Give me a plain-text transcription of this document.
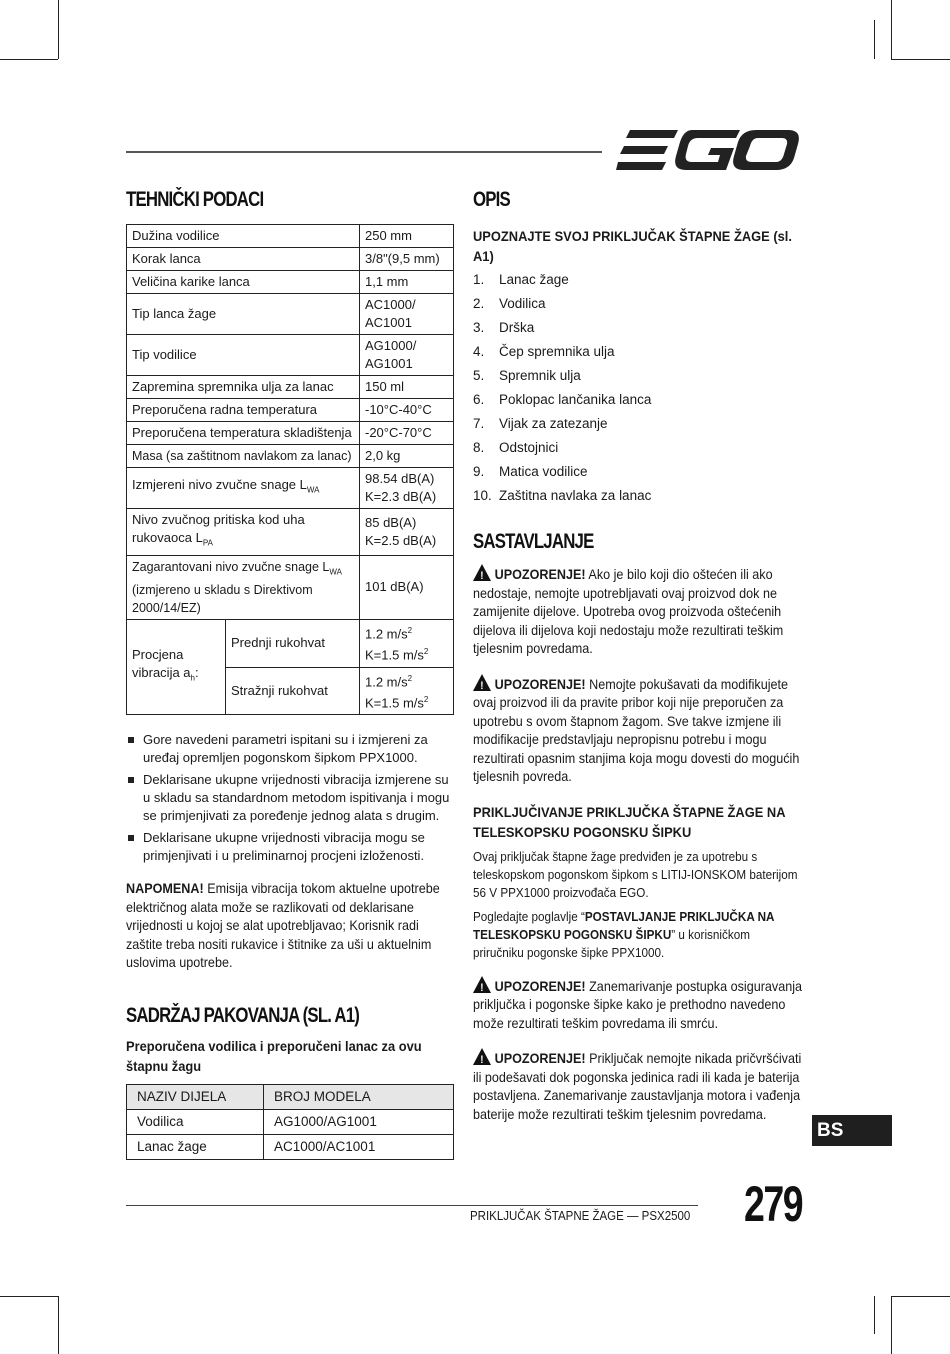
TEHNIČKI PODACI
Dužina vodilice	250 mm
Korak lanca	3/8"(9,5 mm)
Veličina karike lanca	1,1 mm
Tip lanca žage	AC1000/ AC1001
Tip vodilice	AG1000/ AG1001
Zapremina spremnika ulja za lanac	150 ml
Preporučena radna temperatura	-10°C-40°C
Preporučena temperatura skladištenja	-20°C-70°C
Masa (sa zaštitnom navlakom za lanac)	2,0 kg
Izmjereni nivo zvučne snage $L_{WA}$	98.54 dB(A)
K=2.3 dB(A)
Nivo zvučnog pritiska kod uha
rukovaoca $L_{PA}$	85 dB(A)
K=2.5 dB(A)
Zagarantovani nivo zvučne snage $L_{WA}$
(izmjereno u skladu s Direktivom 2000/14/EZ)	101 dB(A)
Procjena vibracija $a_h$:	Prednji rukohvat	1.2 $m/s^2$
K=1.5 $m/s^2$
	Stražnji rukohvat	1.2 $m/s^2$
K=1.5 $m/s^2$
Gore navedeni parametri ispitani su i izmjereni za uređaj opremljen pogonskom šipkom PPX1000.
Deklarisane ukupne vrijednosti vibracija izmjerene su u skladu sa standardnom metodom ispitivanja i mogu se primjenjivati za poređenje jednog alata s drugim.
Deklarisane ukupne vrijednosti vibracija mogu se primjenjivati i u preliminarnoj procjeni izloženosti.

NAPOMENA! Emisija vibracija tokom aktuelne upotrebe električnog alata može se razlikovati od deklarisane vrijednosti u kojoj se alat upotrebljavao; Korisnik radi zaštite treba nositi rukavice i štitnike za uši u aktuelnim uslovima upotrebe.

SADRŽAJ PAKOVANJA (SL. A1)
Preporučena vodilica i preporučeni lanac za ovu štapnu žagu
NAZIV DIJELA	BROJ MODELA
Vodilica	AG1000/AG1001
Lanac žage	AC1000/AC1001
OPIS
UPOZNAJTE SVOJ PRIKLJUČAK ŠTAPNE ŽAGE (sl. A1)
1.	Lanac žage
2.	Vodilica
3.	Drška
4.	Čep spremnika ulja
5.	Spremnik ulja
6.	Poklopac lančanika lanca
7.	Vijak za zatezanje
8.	Odstojnici
9.	Matica vodilice
10. Zaštitna navlaka za lanac
SASTAVLJANJE

!UPOZORENJE! Ako je bilo koji dio oštećen ili ako nedostaje, nemojte upotrebljavati ovaj proizvod dok ne zamijenite dijelove. Upotreba ovog proizvoda oštećenih dijelova ili dijelova koji nedostaju može rezultirati teškim tjelesnim povredama.

!UPOZORENJE! Nemojte pokušavati da modifikujete ovaj proizvod ili da pravite pribor koji nije preporučen za upotrebu s ovom štapnom žagom. Sve takve izmjene ili modifikacije predstavljaju nepropisnu potrebu i mogu rezultirati opasnim stanjima koja mogu dovesti do mogućih tjelesnih povreda.

PRIKLJUČIVANJE PRIKLJUČKA ŠTAPNE ŽAGE NA TELESKOPSKU POGONSKU ŠIPKU

Ovaj priključak štapne žage predviđen je za upotrebu s teleskopskom pogonskom šipkom s LITIJ-IONSKOM baterijom 56 V PPX1000 proizvođača EGO.

Pogledajte poglavlje “POSTAVLJANJE PRIKLJUČKA NA TELESKOPSKU POGONSKU ŠIPKU” u korisničkom priručniku pogonske šipke PPX1000.

!UPOZORENJE! Zanemarivanje postupka osiguravanja priključka i pogonske šipke kako je prethodno navedeno može rezultirati teškim povredama ili smrću.

!UPOZORENJE! Priključak nemojte nikada pričvršćivati ili podešavati dok pogonska jedinica radi ili kada je baterija postavljena. Zanemarivanje zaustavljanja motora i vađenja baterije može rezultirati teškim tjelesnim povredama.

BS
PRIKLJUČAK ŠTAPNE ŽAGE — PSX2500 279
